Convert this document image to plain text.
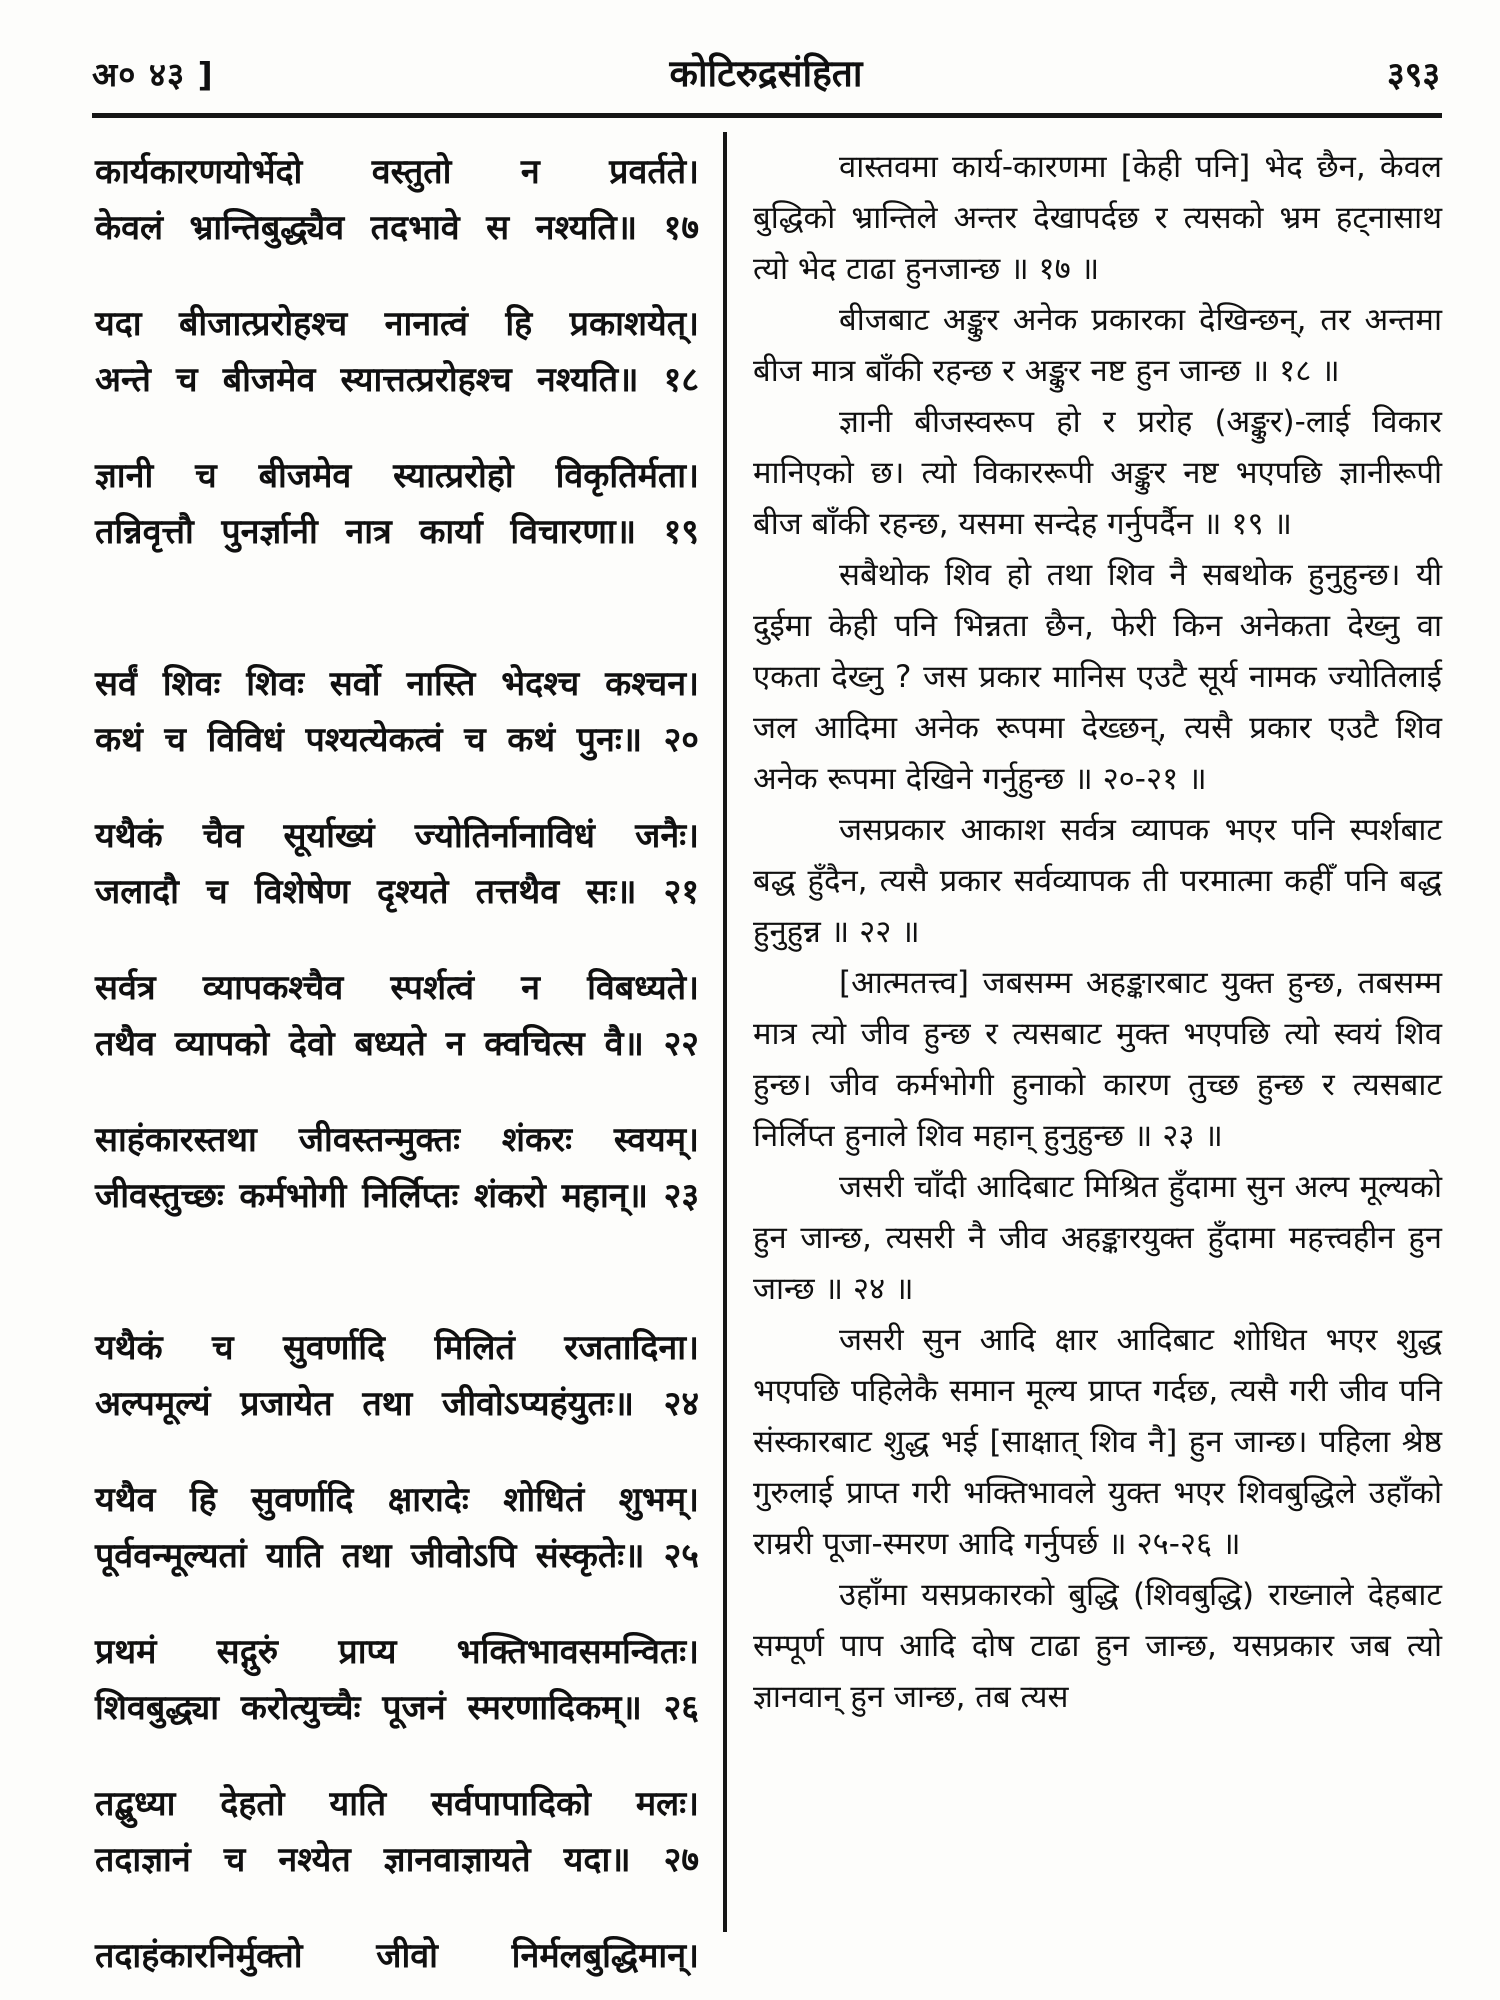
अ० ४३ ]	कोटिरुद्रसंहिता	३९३
कार्यकारणयोर्भेदो वस्तुतो न प्रवर्तते।
केवलं भ्रान्तिबुद्ध्यैव तदभावे स नश्यति॥ १७
यदा बीजात्प्ररोहश्च नानात्वं हि प्रकाशयेत्।
अन्ते च बीजमेव स्यात्तत्प्ररोहश्च नश्यति॥ १८
ज्ञानी च बीजमेव स्यात्प्ररोहो विकृतिर्मता।
तन्निवृत्तौ पुनर्ज्ञानी नात्र कार्या विचारणा॥ १९
सर्वं शिवः शिवः सर्वो नास्ति भेदश्च कश्चन।
कथं च विविधं पश्यत्येकत्वं च कथं पुनः॥ २०
यथैकं चैव सूर्याख्यं ज्योतिर्नानाविधं जनैः।
जलादौ च विशेषेण दृश्यते तत्तथैव सः॥ २१
सर्वत्र व्यापकश्चैव स्पर्शत्वं न विबध्यते।
तथैव व्यापको देवो बध्यते न क्वचित्स वै॥ २२
साहंकारस्तथा जीवस्तन्मुक्तः शंकरः स्वयम्।
जीवस्तुच्छः कर्मभोगी निर्लिप्तः शंकरो महान्॥ २३
यथैकं च सुवर्णादि मिलितं रजतादिना।
अल्पमूल्यं प्रजायेत तथा जीवोऽप्यहंयुतः॥ २४
यथैव हि सुवर्णादि क्षारादेः शोधितं शुभम्।
पूर्ववन्मूल्यतां याति तथा जीवोऽपि संस्कृतेः॥ २५
प्रथमं सद्गुरुं प्राप्य भक्तिभावसमन्वितः।
शिवबुद्ध्या करोत्युच्चैः पूजनं स्मरणादिकम्॥ २६
तद्बुध्या देहतो याति सर्वपापादिको मलः।
तदाज्ञानं च नश्येत ज्ञानवाज्ञायते यदा॥ २७
तदाहंकारनिर्मुक्तो जीवो निर्मलबुद्धिमान्।

वास्तवमा कार्य-कारणमा [केही पनि] भेद छैन, केवल बुद्धिको भ्रान्तिले अन्तर देखापर्दछ र त्यसको भ्रम हट्नासाथ त्यो भेद टाढा हुनजान्छ ॥ १७ ॥

बीजबाट अङ्कुर अनेक प्रकारका देखिन्छन्, तर अन्तमा बीज मात्र बाँकी रहन्छ र अङ्कुर नष्ट हुन जान्छ ॥ १८ ॥

ज्ञानी बीजस्वरूप हो र प्ररोह (अङ्कुर)-लाई विकार मानिएको छ। त्यो विकाररूपी अङ्कुर नष्ट भएपछि ज्ञानीरूपी बीज बाँकी रहन्छ, यसमा सन्देह गर्नुपर्दैन ॥ १९ ॥

सबैथोक शिव हो तथा शिव नै सबथोक हुनुहुन्छ। यी दुईमा केही पनि भिन्नता छैन, फेरी किन अनेकता देख्नु वा एकता देख्नु ? जस प्रकार मानिस एउटै सूर्य नामक ज्योतिलाई जल आदिमा अनेक रूपमा देख्छन्, त्यसै प्रकार एउटै शिव अनेक रूपमा देखिने गर्नुहुन्छ ॥ २०-२१ ॥

जसप्रकार आकाश सर्वत्र व्यापक भएर पनि स्पर्शबाट बद्ध हुँदैन, त्यसै प्रकार सर्वव्यापक ती परमात्मा कहीँ पनि बद्ध हुनुहुन्न ॥ २२ ॥

[आत्मतत्त्व] जबसम्म अहङ्कारबाट युक्त हुन्छ, तबसम्म मात्र त्यो जीव हुन्छ र त्यसबाट मुक्त भएपछि त्यो स्वयं शिव हुन्छ। जीव कर्मभोगी हुनाको कारण तुच्छ हुन्छ र त्यसबाट निर्लिप्त हुनाले शिव महान् हुनुहुन्छ ॥ २३ ॥

जसरी चाँदी आदिबाट मिश्रित हुँदामा सुन अल्प मूल्यको हुन जान्छ, त्यसरी नै जीव अहङ्कारयुक्त हुँदामा महत्त्वहीन हुन जान्छ ॥ २४ ॥

जसरी सुन आदि क्षार आदिबाट शोधित भएर शुद्ध भएपछि पहिलेकै समान मूल्य प्राप्त गर्दछ, त्यसै गरी जीव पनि संस्कारबाट शुद्ध भई [साक्षात् शिव नै] हुन जान्छ। पहिला श्रेष्ठ गुरुलाई प्राप्त गरी भक्तिभावले युक्त भएर शिवबुद्धिले उहाँको राम्ररी पूजा-स्मरण आदि गर्नुपर्छ ॥ २५-२६ ॥

उहाँमा यसप्रकारको बुद्धि (शिवबुद्धि) राख्नाले देहबाट सम्पूर्ण पाप आदि दोष टाढा हुन जान्छ, यसप्रकार जब त्यो ज्ञानवान् हुन जान्छ, तब त्यस
